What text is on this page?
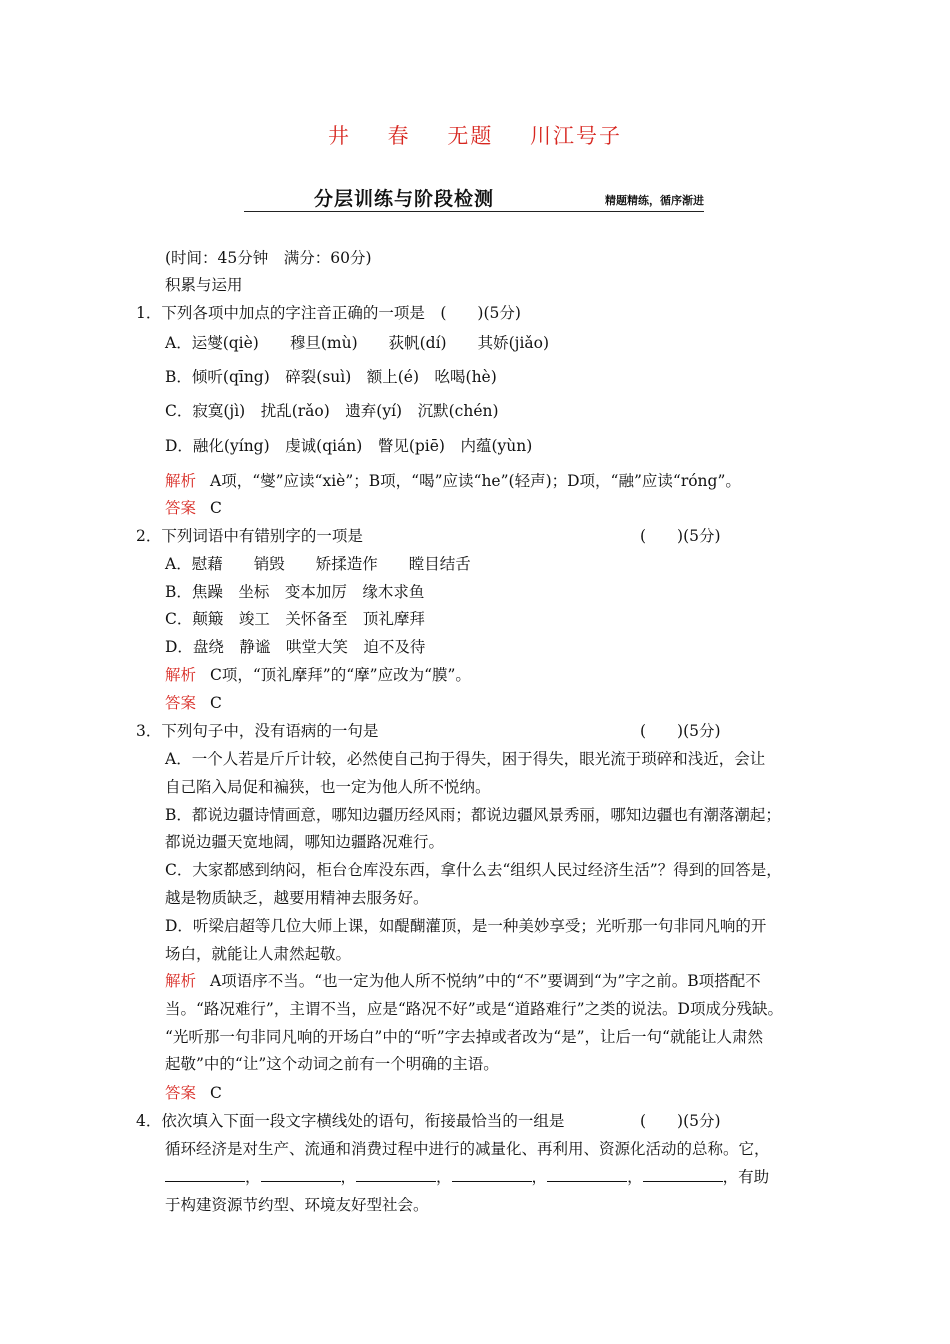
井 春 无题 川江号子
分层训练与阶段检测	精题精练，循序渐进
(时间：45分钟　满分：60分)
积累与运用
1．下列各项中加点的字注音正确的一项是　(　　)(5分)
A．运燮(qiè)　　穆旦(mù)　　荻帆(dí)　　其娇(jiǎo)
B．倾听(qīng)　碎裂(suì)　额上(é)　吆喝(hè)
C．寂寞(jì)　扰乱(rǎo)　遗弃(yí)　沉默(chén)
D．融化(yíng)　虔诚(qián)　瞥见(piē)　内蕴(yùn)
解析 A项，“燮”应读“xiè”；B项，“喝”应读“he”(轻声)；D项，“融”应读“róng”。
答案 C
2．下列词语中有错别字的一项是	(　　)(5分)
A．慰藉　　销毁　　矫揉造作　　瞠目结舌
B．焦躁　坐标　变本加厉　缘木求鱼
C．颠簸　竣工　关怀备至　顶礼摩拜
D．盘绕　静谧　哄堂大笑　迫不及待
解析 C项，“顶礼摩拜”的“摩”应改为“膜”。
答案 C
3．下列句子中，没有语病的一句是	(　　)(5分)
A．一个人若是斤斤计较，必然使自己拘于得失，困于得失，眼光流于琐碎和浅近，会让
自己陷入局促和褊狭，也一定为他人所不悦纳。
B．都说边疆诗情画意，哪知边疆历经风雨；都说边疆风景秀丽，哪知边疆也有潮落潮起；
都说边疆天宽地阔，哪知边疆路况难行。
C．大家都感到纳闷，柜台仓库没东西，拿什么去“组织人民过经济生活”？得到的回答是，
越是物质缺乏，越要用精神去服务好。
D．听梁启超等几位大师上课，如醍醐灌顶，是一种美妙享受；光听那一句非同凡响的开
场白，就能让人肃然起敬。
解析 A项语序不当。“也一定为他人所不悦纳”中的“不”要调到“为”字之前。B项搭配不
当。“路况难行”，主谓不当，应是“路况不好”或是“道路难行”之类的说法。D项成分残缺。
“光听那一句非同凡响的开场白”中的“听”字去掉或者改为“是”，让后一句“就能让人肃然
起敬”中的“让”这个动词之前有一个明确的主语。
答案 C
4．依次填入下面一段文字横线处的语句，衔接最恰当的一组是	(　　)(5分)
循环经济是对生产、流通和消费过程中进行的减量化、再利用、资源化活动的总称。它，
，	，	，	，	，	，有助
于构建资源节约型、环境友好型社会。
